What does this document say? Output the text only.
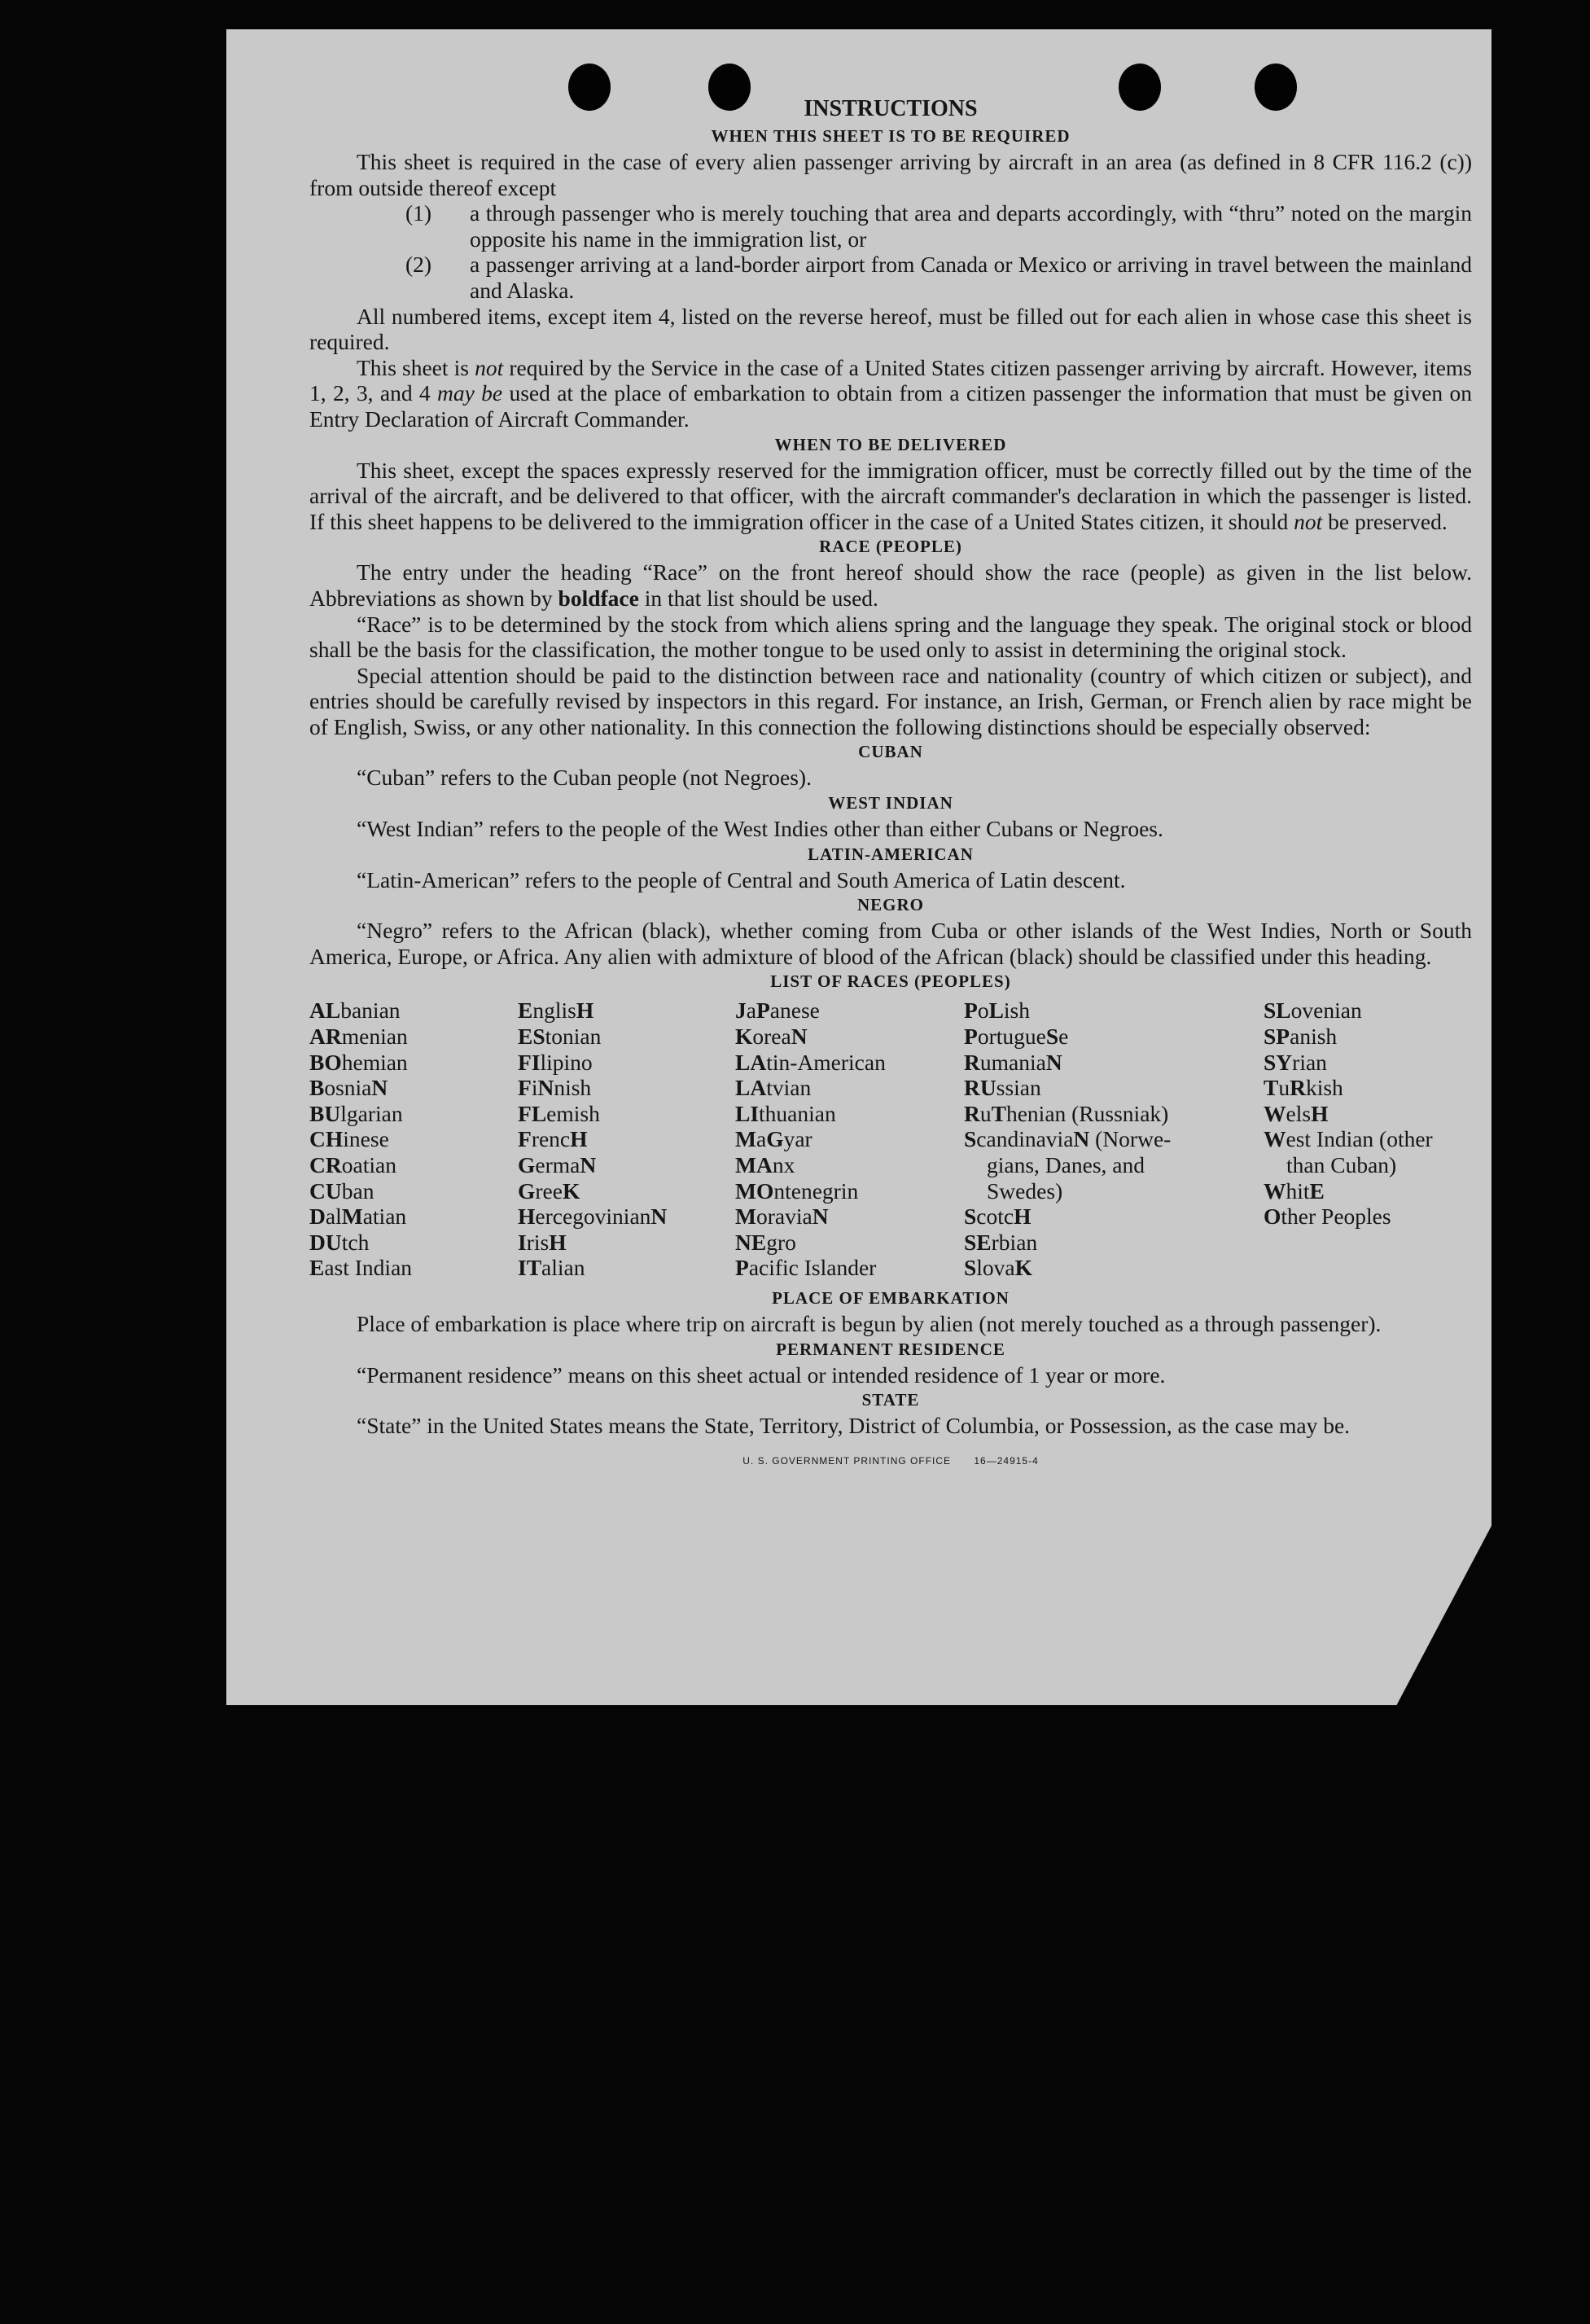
INSTRUCTIONS
WHEN THIS SHEET IS TO BE REQUIRED

This sheet is required in the case of every alien passenger arriving by aircraft in an area (as defined in 8 CFR 116.2 (c)) from outside thereof except

(1) a through passenger who is merely touching that area and departs accordingly, with “thru” noted on the margin opposite his name in the immigration list, or
(2) a passenger arriving at a land-border airport from Canada or Mexico or arriving in travel between the mainland and Alaska.

All numbered items, except item 4, listed on the reverse hereof, must be filled out for each alien in whose case this sheet is required.

This sheet is not required by the Service in the case of a United States citizen passenger arriving by aircraft. However, items 1, 2, 3, and 4 may be used at the place of embarkation to obtain from a citizen passenger the information that must be given on Entry Declaration of Aircraft Commander.

WHEN TO BE DELIVERED

This sheet, except the spaces expressly reserved for the immigration officer, must be correctly filled out by the time of the arrival of the aircraft, and be delivered to that officer, with the aircraft commander's declaration in which the passenger is listed. If this sheet happens to be delivered to the immigration officer in the case of a United States citizen, it should not be preserved.

RACE (PEOPLE)

The entry under the heading “Race” on the front hereof should show the race (people) as given in the list below. Abbreviations as shown by boldface in that list should be used.

“Race” is to be determined by the stock from which aliens spring and the language they speak. The original stock or blood shall be the basis for the classification, the mother tongue to be used only to assist in determining the original stock.

Special attention should be paid to the distinction between race and nationality (country of which citizen or subject), and entries should be carefully revised by inspectors in this regard. For instance, an Irish, German, or French alien by race might be of English, Swiss, or any other nationality. In this connection the following distinctions should be especially observed:

CUBAN

“Cuban” refers to the Cuban people (not Negroes).

WEST INDIAN

“West Indian” refers to the people of the West Indies other than either Cubans or Negroes.

LATIN-AMERICAN

“Latin-American” refers to the people of Central and South America of Latin descent.

NEGRO

“Negro” refers to the African (black), whether coming from Cuba or other islands of the West Indies, North or South America, Europe, or Africa. Any alien with admixture of blood of the African (black) should be classified under this heading.

LIST OF RACES (PEOPLES)
ALbanian
ARmenian
BOhemian
BosniaN
BUlgarian
CHinese
CRoatian
CUban
DalMatian
DUtch
East Indian
EnglisH
EStonian
FIlipino
FiNnish
FLemish
FrencH
GermaN
GreeK
HercegovinianN
IrisH
ITalian
JaPanese
KoreaN
LAtin-American
LAtvian
LIthuanian
MaGyar
MAnx
MOntenegrin
MoraviaN
NEgro
Pacific Islander
PoLish
PortugueSe
RumaniaN
RUssian
RuThenian (Russniak)
ScandinaviaN (Norwe-
gians, Danes, and
Swedes)
ScotcH
SErbian
SlovaK
SLovenian
SPanish
SYrian
TuRkish
WelsH
West Indian (other
than Cuban)
WhitE
Other Peoples
PLACE OF EMBARKATION

Place of embarkation is place where trip on aircraft is begun by alien (not merely touched as a through passenger).

PERMANENT RESIDENCE

“Permanent residence” means on this sheet actual or intended residence of 1 year or more.

STATE

“State” in the United States means the State, Territory, District of Columbia, or Possession, as the case may be.

U. S. GOVERNMENT PRINTING OFFICE 16—24915-4
